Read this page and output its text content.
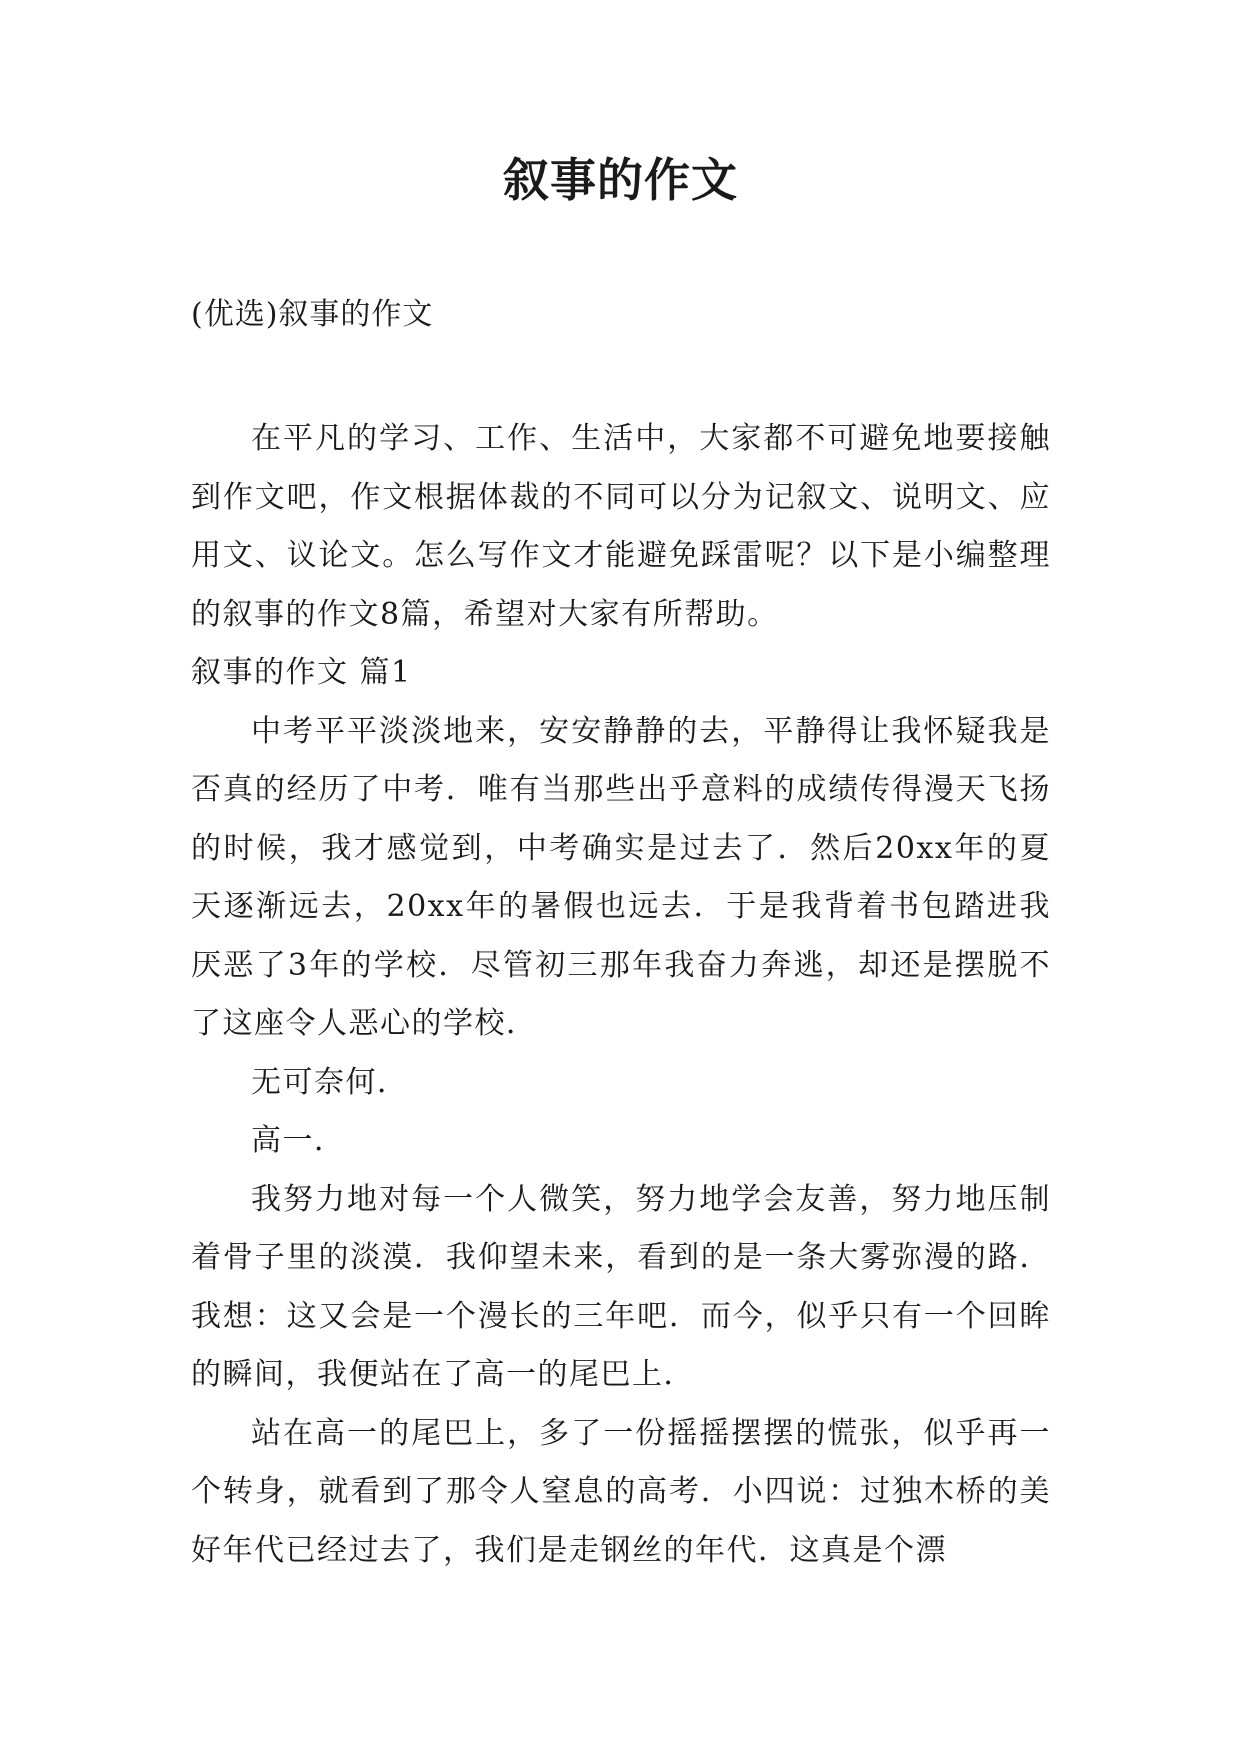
叙事的作文
(优选)叙事的作文

在平凡的学习、工作、生活中，大家都不可避免地要接触到作文吧，作文根据体裁的不同可以分为记叙文、说明文、应用文、议论文。怎么写作文才能避免踩雷呢？以下是小编整理的叙事的作文8篇，希望对大家有所帮助。

叙事的作文 篇1

中考平平淡淡地来，安安静静的去，平静得让我怀疑我是否真的经历了中考．唯有当那些出乎意料的成绩传得漫天飞扬的时候，我才感觉到，中考确实是过去了．然后20xx年的夏天逐渐远去，20xx年的暑假也远去．于是我背着书包踏进我厌恶了3年的学校．尽管初三那年我奋力奔逃，却还是摆脱不了这座令人恶心的学校．

无可奈何．

高一．

我努力地对每一个人微笑，努力地学会友善，努力地压制着骨子里的淡漠．我仰望未来，看到的是一条大雾弥漫的路．我想：这又会是一个漫长的三年吧．而今，似乎只有一个回眸的瞬间，我便站在了高一的尾巴上．

站在高一的尾巴上，多了一份摇摇摆摆的慌张，似乎再一个转身，就看到了那令人窒息的高考．小四说：过独木桥的美好年代已经过去了，我们是走钢丝的年代．这真是个漂
